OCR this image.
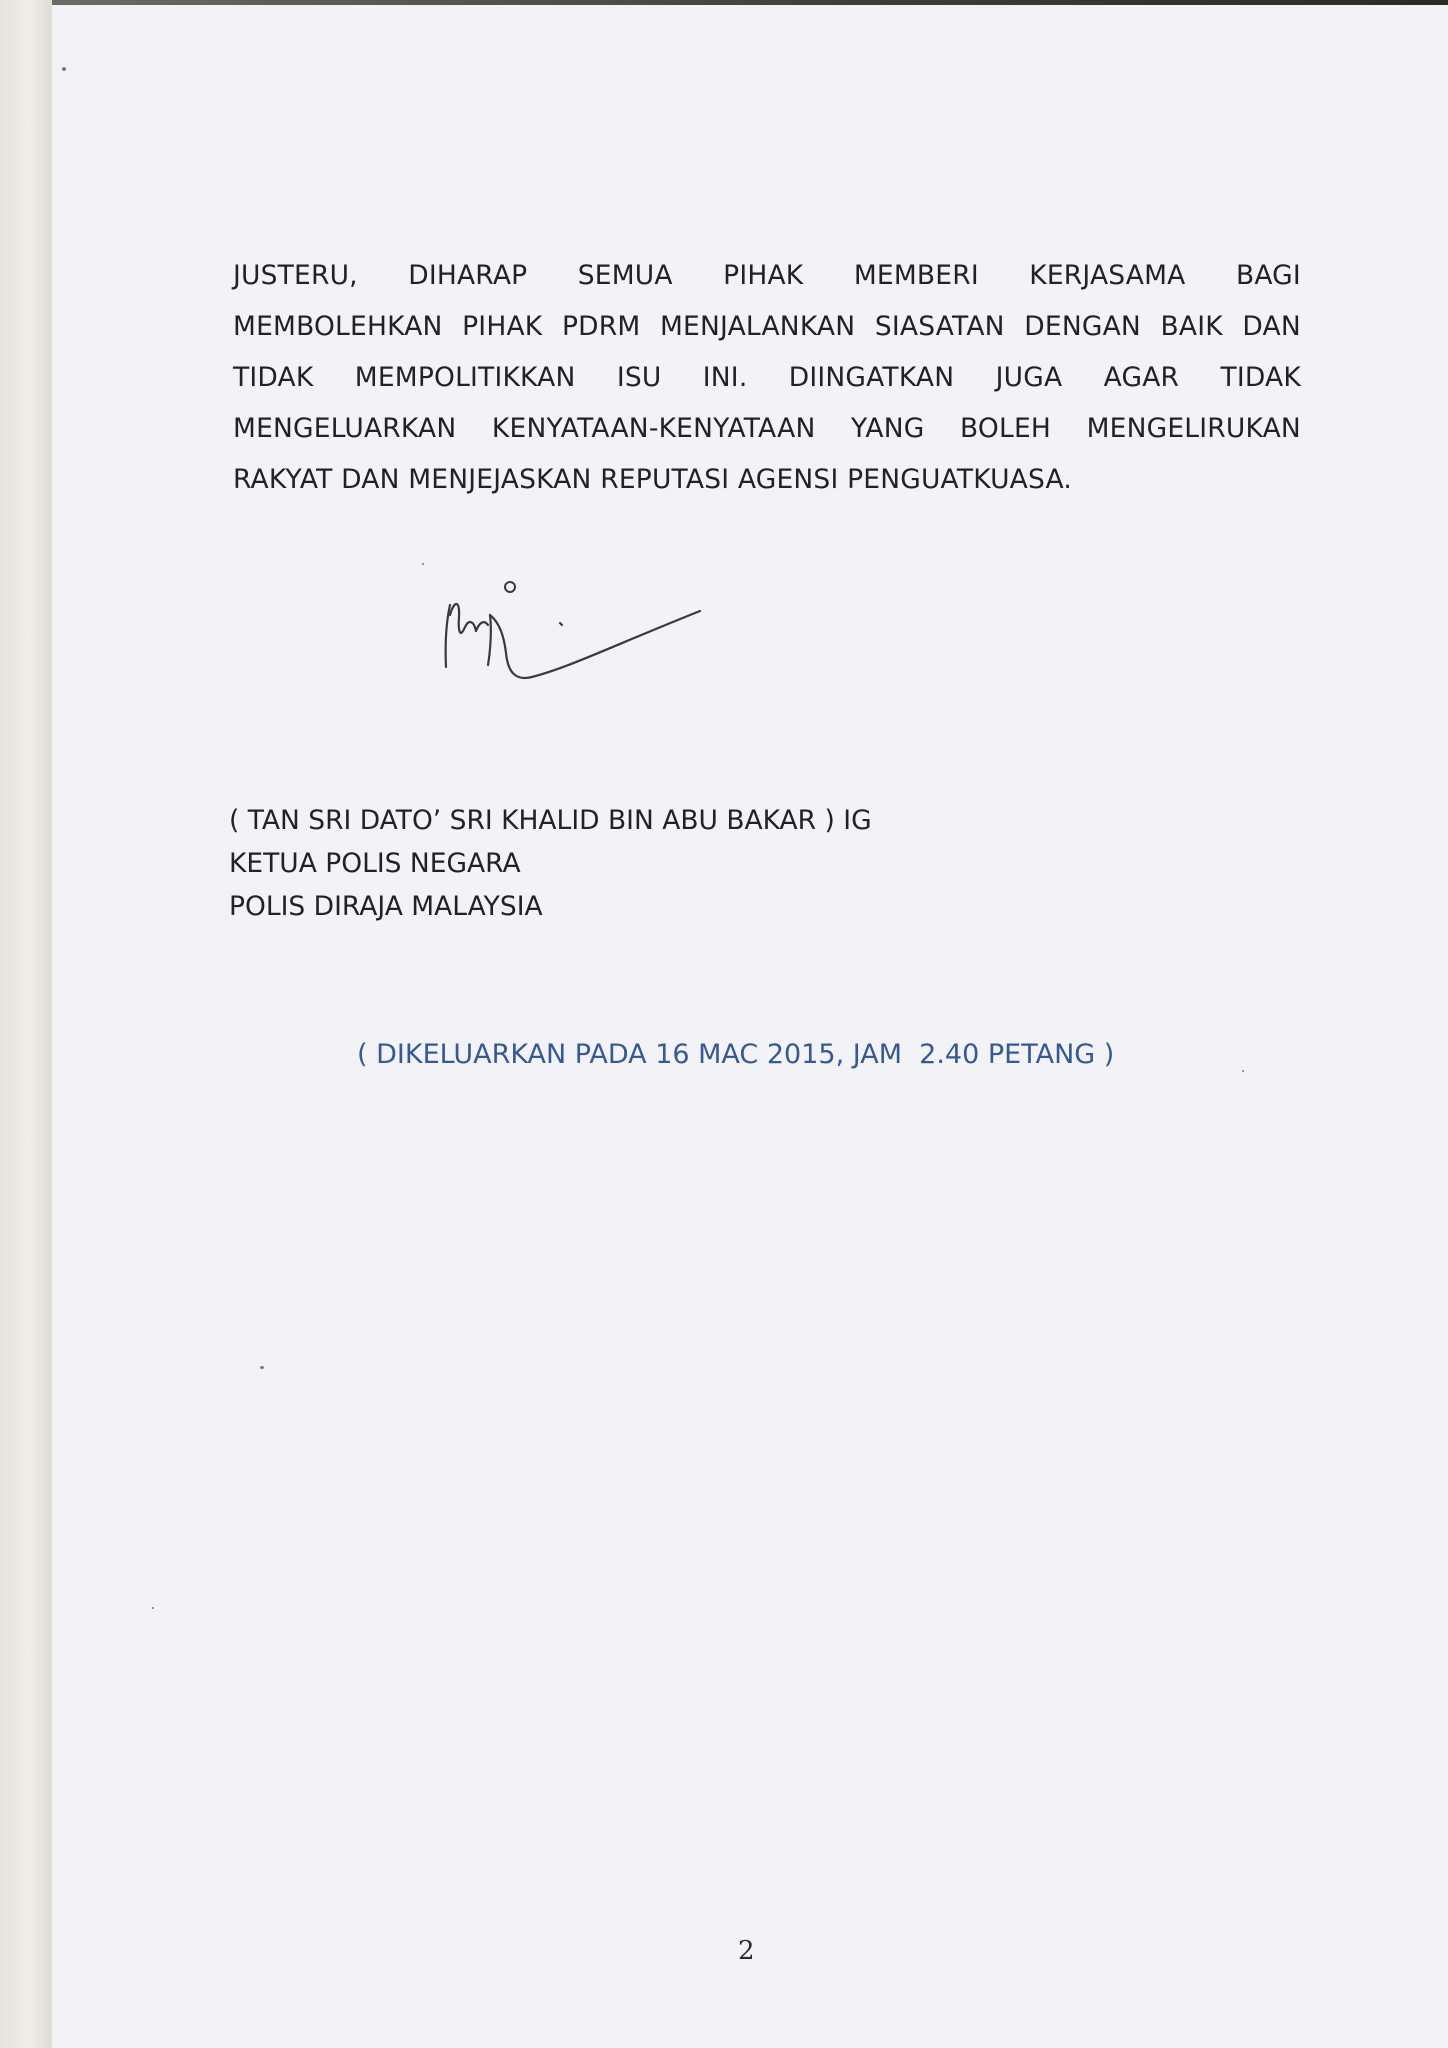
JUSTERU, DIHARAP SEMUA PIHAK MEMBERI KERJASAMA BAGI
MEMBOLEHKAN PIHAK PDRM MENJALANKAN SIASATAN DENGAN BAIK DAN
TIDAK MEMPOLITIKKAN ISU INI. DIINGATKAN JUGA AGAR TIDAK
MENGELUARKAN KENYATAAN-KENYATAAN YANG BOLEH MENGELIRUKAN
RAKYAT DAN MENJEJASKAN REPUTASI AGENSI PENGUATKUASA.
( TAN SRI DATO’ SRI KHALID BIN ABU BAKAR ) IG
KETUA POLIS NEGARA
POLIS DIRAJA MALAYSIA
( DIKELUARKAN PADA 16 MAC 2015, JAM  2.40 PETANG )
2
